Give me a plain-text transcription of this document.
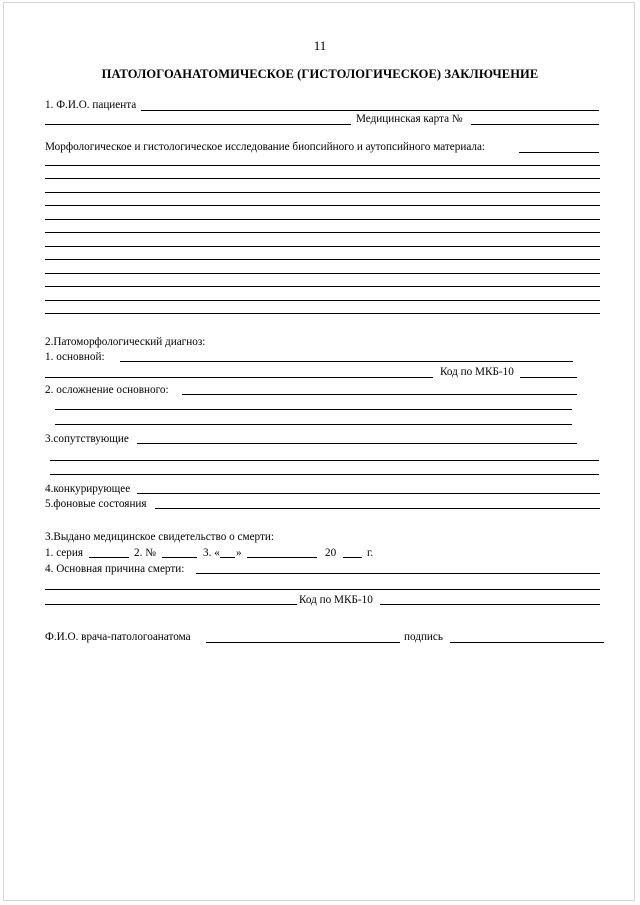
11
ПАТОЛОГОАНАТОМИЧЕСКОЕ (ГИСТОЛОГИЧЕСКОЕ) ЗАКЛЮЧЕНИЕ
1. Ф.И.О. пациента
Медицинская карта №
Морфологическое и гистологическое исследование биопсийного и аутопсийного материала:
2.Патоморфологический диагноз:
1. основной:
Код по МКБ-10
2. осложнение основного:
3.сопутствующие
4.конкурирующее
5.фоновые состояния
3.Выдано медицинское свидетельство о смерти:
1. серия	2. №	3. « »	20	г.
4. Основная причина смерти:
Код по МКБ-10
Ф.И.О. врача-патологоанатома	подпись
